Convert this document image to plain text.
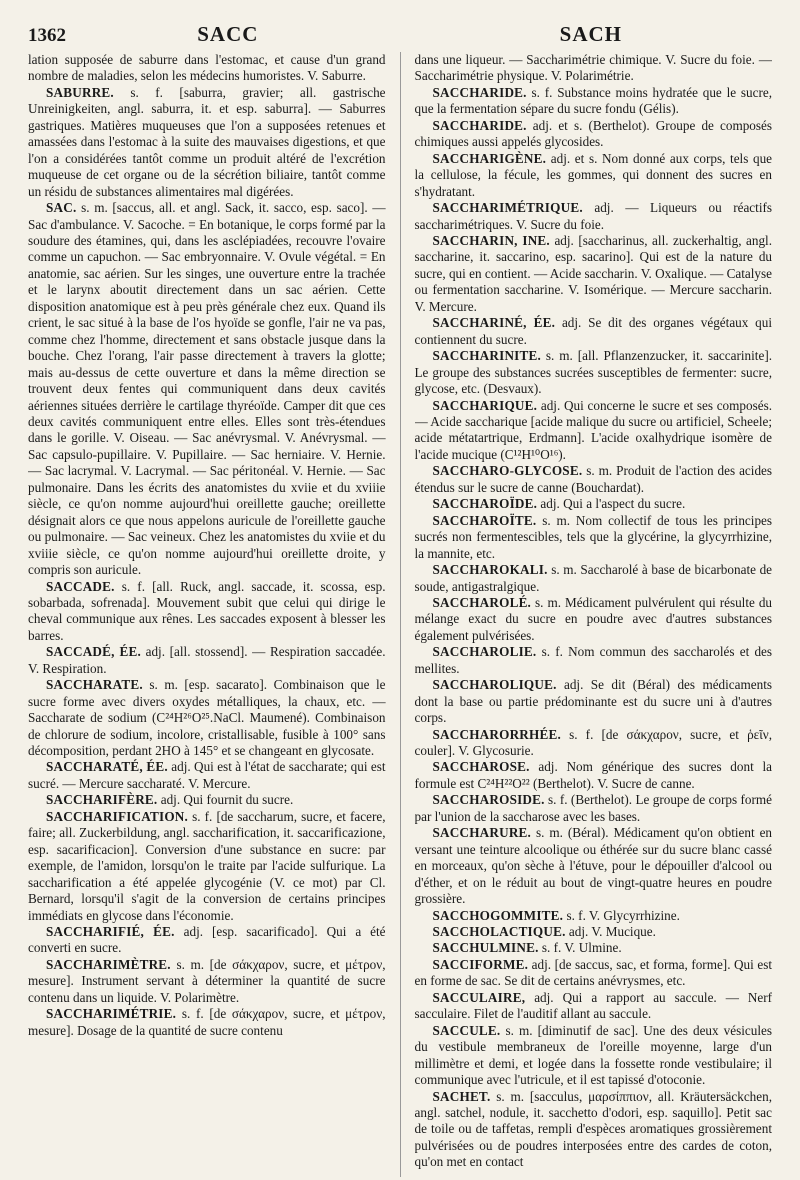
1362	SACC	SACH

lation supposée de saburre dans l'estomac, et cause d'un grand nombre de maladies, selon les médecins humoristes. V. Saburre.

SABURRE. s. f. [saburra, gravier; all. gastrische Unreinigkeiten, angl. saburra, it. et esp. saburra]. — Saburres gastriques. Matières muqueuses que l'on a supposées retenues et amassées dans l'estomac à la suite des mauvaises digestions, et que l'on a considérées tantôt comme un produit altéré de l'excrétion muqueuse de cet organe ou de la sécrétion biliaire, tantôt comme un résidu de substances alimentaires mal digérées.

SAC. s. m. [saccus, all. et angl. Sack, it. sacco, esp. saco]. — Sac d'ambulance. V. Sacoche. = En botanique, le corps formé par la soudure des étamines, qui, dans les asclépiadées, recouvre l'ovaire comme un capuchon. — Sac embryonnaire. V. Ovule végétal. = En anatomie, sac aérien. Sur les singes, une ouverture entre la trachée et le larynx aboutit directement dans un sac aérien. Cette disposition anatomique est à peu près générale chez eux. Quand ils crient, le sac situé à la base de l'os hyoïde se gonfle, l'air ne va pas, comme chez l'homme, directement et sans obstacle jusque dans la bouche. Chez l'orang, l'air passe directement à travers la glotte; mais au-dessus de cette ouverture et dans la même direction se trouvent deux fentes qui communiquent dans deux cavités aériennes situées derrière le cartilage thyréoïde. Camper dit que ces deux cavités communiquent entre elles. Elles sont très-étendues dans le gorille. V. Oiseau. — Sac anévrysmal. V. Anévrysmal. — Sac capsulo-pupillaire. V. Pupillaire. — Sac herniaire. V. Hernie. — Sac lacrymal. V. Lacrymal. — Sac péritonéal. V. Hernie. — Sac pulmonaire. Dans les écrits des anatomistes du xviie et du xviiie siècle, ce qu'on nomme aujourd'hui oreillette gauche; oreillette désignait alors ce que nous appelons auricule de l'oreillette gauche ou pulmonaire. — Sac veineux. Chez les anatomistes du xviie et du xviiie siècle, ce qu'on nomme aujourd'hui oreillette droite, y compris son auricule.

SACCADE. s. f. [all. Ruck, angl. saccade, it. scossa, esp. sobarbada, sofrenada]. Mouvement subit que celui qui dirige le cheval communique aux rênes. Les saccades exposent à blesser les barres.

SACCADÉ, ÉE. adj. [all. stossend]. — Respiration saccadée. V. Respiration.

SACCHARATE. s. m. [esp. sacarato]. Combinaison que le sucre forme avec divers oxydes métalliques, la chaux, etc. — Saccharate de sodium (C²⁴H²⁶O²⁵.NaCl. Maumené). Combinaison de chlorure de sodium, incolore, cristallisable, fusible à 100° sans décomposition, perdant 2HO à 145° et se changeant en glycosate.

SACCHARATÉ, ÉE. adj. Qui est à l'état de saccharate; qui est sucré. — Mercure saccharaté. V. Mercure.

SACCHARIFÈRE. adj. Qui fournit du sucre.

SACCHARIFICATION. s. f. [de saccharum, sucre, et facere, faire; all. Zuckerbildung, angl. saccharification, it. saccarificazione, esp. sacarificacion]. Conversion d'une substance en sucre: par exemple, de l'amidon, lorsqu'on le traite par l'acide sulfurique. La saccharification a été appelée glycogénie (V. ce mot) par Cl. Bernard, lorsqu'il s'agit de la conversion de certains principes immédiats en glycose dans l'économie.

SACCHARIFIÉ, ÉE. adj. [esp. sacarificado]. Qui a été converti en sucre.

SACCHARIMÈTRE. s. m. [de σάκχαρον, sucre, et μέτρον, mesure]. Instrument servant à déterminer la quantité de sucre contenu dans un liquide. V. Polarimètre.

SACCHARIMÉTRIE. s. f. [de σάκχαρον, sucre, et μέτρον, mesure]. Dosage de la quantité de sucre contenu

dans une liqueur. — Saccharimétrie chimique. V. Sucre du foie. — Saccharimétrie physique. V. Polarimétrie.

SACCHARIDE. s. f. Substance moins hydratée que le sucre, que la fermentation sépare du sucre fondu (Gélis).

SACCHARIDE. adj. et s. (Berthelot). Groupe de composés chimiques aussi appelés glycosides.

SACCHARIGÈNE. adj. et s. Nom donné aux corps, tels que la cellulose, la fécule, les gommes, qui donnent des sucres en s'hydratant.

SACCHARIMÉTRIQUE. adj. — Liqueurs ou réactifs saccharimétriques. V. Sucre du foie.

SACCHARIN, INE. adj. [saccharinus, all. zuckerhaltig, angl. saccharine, it. saccarino, esp. sacarino]. Qui est de la nature du sucre, qui en contient. — Acide saccharin. V. Oxalique. — Catalyse ou fermentation saccharine. V. Isomérique. — Mercure saccharin. V. Mercure.

SACCHARINÉ, ÉE. adj. Se dit des organes végétaux qui contiennent du sucre.

SACCHARINITE. s. m. [all. Pflanzenzucker, it. saccarinite]. Le groupe des substances sucrées susceptibles de fermenter: sucre, glycose, etc. (Desvaux).

SACCHARIQUE. adj. Qui concerne le sucre et ses composés. — Acide saccharique [acide malique du sucre ou artificiel, Scheele; acide métatartrique, Erdmann]. L'acide oxalhydrique isomère de l'acide mucique (C¹²H¹⁰O¹⁶).

SACCHARO-GLYCOSE. s. m. Produit de l'action des acides étendus sur le sucre de canne (Bouchardat).

SACCHAROÏDE. adj. Qui a l'aspect du sucre.

SACCHAROÏTE. s. m. Nom collectif de tous les principes sucrés non fermentescibles, tels que la glycérine, la glycyrrhizine, la mannite, etc.

SACCHAROKALI. s. m. Saccharolé à base de bicarbonate de soude, antigastralgique.

SACCHAROLÉ. s. m. Médicament pulvérulent qui résulte du mélange exact du sucre en poudre avec d'autres substances également pulvérisées.

SACCHAROLIE. s. f. Nom commun des saccharolés et des mellites.

SACCHAROLIQUE. adj. Se dit (Béral) des médicaments dont la base ou partie prédominante est du sucre uni à d'autres corps.

SACCHARORRHÉE. s. f. [de σάκχαρον, sucre, et ῥεῖν, couler]. V. Glycosurie.

SACCHAROSE. adj. Nom générique des sucres dont la formule est C²⁴H²²O²² (Berthelot). V. Sucre de canne.

SACCHAROSIDE. s. f. (Berthelot). Le groupe de corps formé par l'union de la saccharose avec les bases.

SACCHARURE. s. m. (Béral). Médicament qu'on obtient en versant une teinture alcoolique ou éthérée sur du sucre blanc cassé en morceaux, qu'on sèche à l'étuve, pour le dépouiller d'alcool ou d'éther, et on le réduit au bout de vingt-quatre heures en poudre grossière.

SACCHOGOMMITE. s. f. V. Glycyrrhizine.

SACCHOLACTIQUE. adj. V. Mucique.

SACCHULMINE. s. f. V. Ulmine.

SACCIFORME. adj. [de saccus, sac, et forma, forme]. Qui est en forme de sac. Se dit de certains anévrysmes, etc.

SACCULAIRE, adj. Qui a rapport au saccule. — Nerf sacculaire. Filet de l'auditif allant au saccule.

SACCULE. s. m. [diminutif de sac]. Une des deux vésicules du vestibule membraneux de l'oreille moyenne, large d'un millimètre et demi, et logée dans la fossette ronde vestibulaire; il communique avec l'utricule, et il est tapissé d'otoconie.

SACHET. s. m. [sacculus, μαρσίππιον, all. Kräutersäckchen, angl. satchel, nodule, it. sacchetto d'odori, esp. saquillo]. Petit sac de toile ou de taffetas, rempli d'espèces aromatiques grossièrement pulvérisées ou de poudres interposées entre des cardes de coton, qu'on met en contact
